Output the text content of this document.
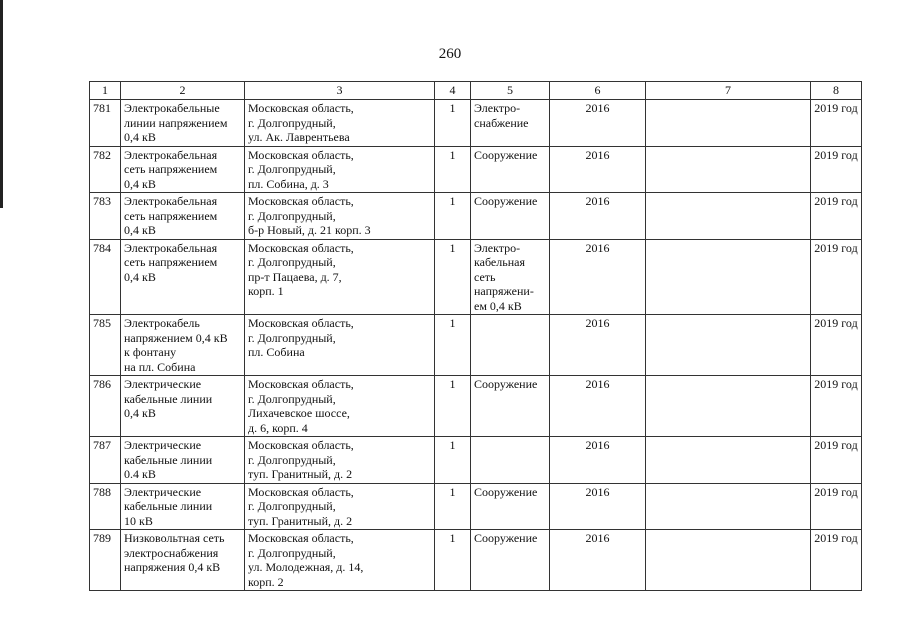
260
1	2	3	4	5	6	7	8
781	Электрокабельные
линии напряжением
0,4 кВ	Московская область,
г. Долгопрудный,
ул. Ак. Лаврентьева	1	Электро-
снабжение	2016		2019 год
782	Электрокабельная
сеть напряжением
0,4 кВ	Московская область,
г. Долгопрудный,
пл. Собина, д. 3	1	Сооружение	2016		2019 год
783	Электрокабельная
сеть напряжением
0,4 кВ	Московская область,
г. Долгопрудный,
б-р Новый, д. 21 корп. 3	1	Сооружение	2016		2019 год
784	Электрокабельная
сеть напряжением
0,4 кВ	Московская область,
г. Долгопрудный,
пр-т Пацаева, д. 7,
корп. 1	1	Электро-
кабельная
сеть
напряжени-
ем 0,4 кВ	2016		2019 год
785	Электрокабель
напряжением 0,4 кВ
к фонтану
на пл. Собина	Московская область,
г. Долгопрудный,
пл. Собина	1		2016		2019 год
786	Электрические
кабельные линии
0,4 кВ	Московская область,
г. Долгопрудный,
Лихачевское шоссе,
д. 6, корп. 4	1	Сооружение	2016		2019 год
787	Электрические
кабельные линии
0.4 кВ	Московская область,
г. Долгопрудный,
туп. Гранитный, д. 2	1		2016		2019 год
788	Электрические
кабельные линии
10 кВ	Московская область,
г. Долгопрудный,
туп. Гранитный, д. 2	1	Сооружение	2016		2019 год
789	Низковольтная сеть
электроснабжения
напряжения 0,4 кВ	Московская область,
г. Долгопрудный,
ул. Молодежная, д. 14,
корп. 2	1	Сооружение	2016		2019 год
